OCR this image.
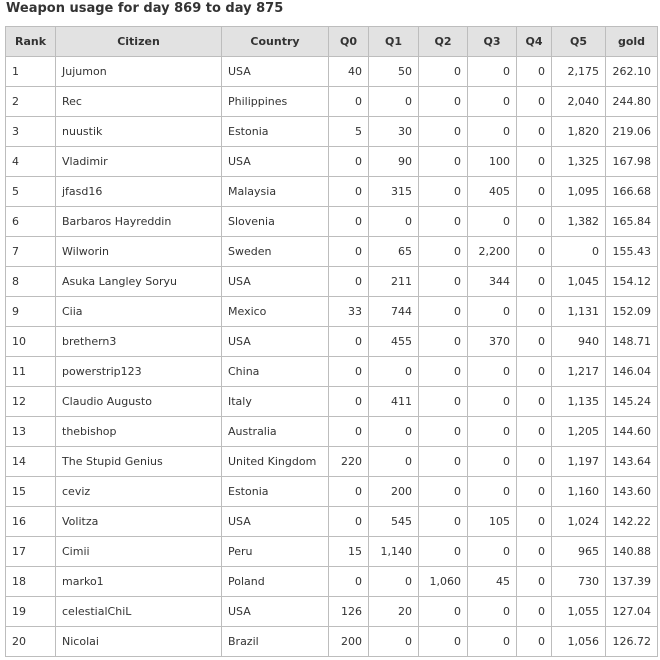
Weapon usage for day 869 to day 875
Rank	Citizen	Country	Q0	Q1	Q2	Q3	Q4	Q5	gold
1	Jujumon	USA	40	50	0	0	0	2,175	262.10
2	Rec	Philippines	0	0	0	0	0	2,040	244.80
3	nuustik	Estonia	5	30	0	0	0	1,820	219.06
4	Vladimir	USA	0	90	0	100	0	1,325	167.98
5	jfasd16	Malaysia	0	315	0	405	0	1,095	166.68
6	Barbaros Hayreddin	Slovenia	0	0	0	0	0	1,382	165.84
7	Wilworin	Sweden	0	65	0	2,200	0	0	155.43
8	Asuka Langley Soryu	USA	0	211	0	344	0	1,045	154.12
9	Ciia	Mexico	33	744	0	0	0	1,131	152.09
10	brethern3	USA	0	455	0	370	0	940	148.71
11	powerstrip123	China	0	0	0	0	0	1,217	146.04
12	Claudio Augusto	Italy	0	411	0	0	0	1,135	145.24
13	thebishop	Australia	0	0	0	0	0	1,205	144.60
14	The Stupid Genius	United Kingdom	220	0	0	0	0	1,197	143.64
15	ceviz	Estonia	0	200	0	0	0	1,160	143.60
16	Volitza	USA	0	545	0	105	0	1,024	142.22
17	Cimii	Peru	15	1,140	0	0	0	965	140.88
18	marko1	Poland	0	0	1,060	45	0	730	137.39
19	celestialChiL	USA	126	20	0	0	0	1,055	127.04
20	Nicolai	Brazil	200	0	0	0	0	1,056	126.72
